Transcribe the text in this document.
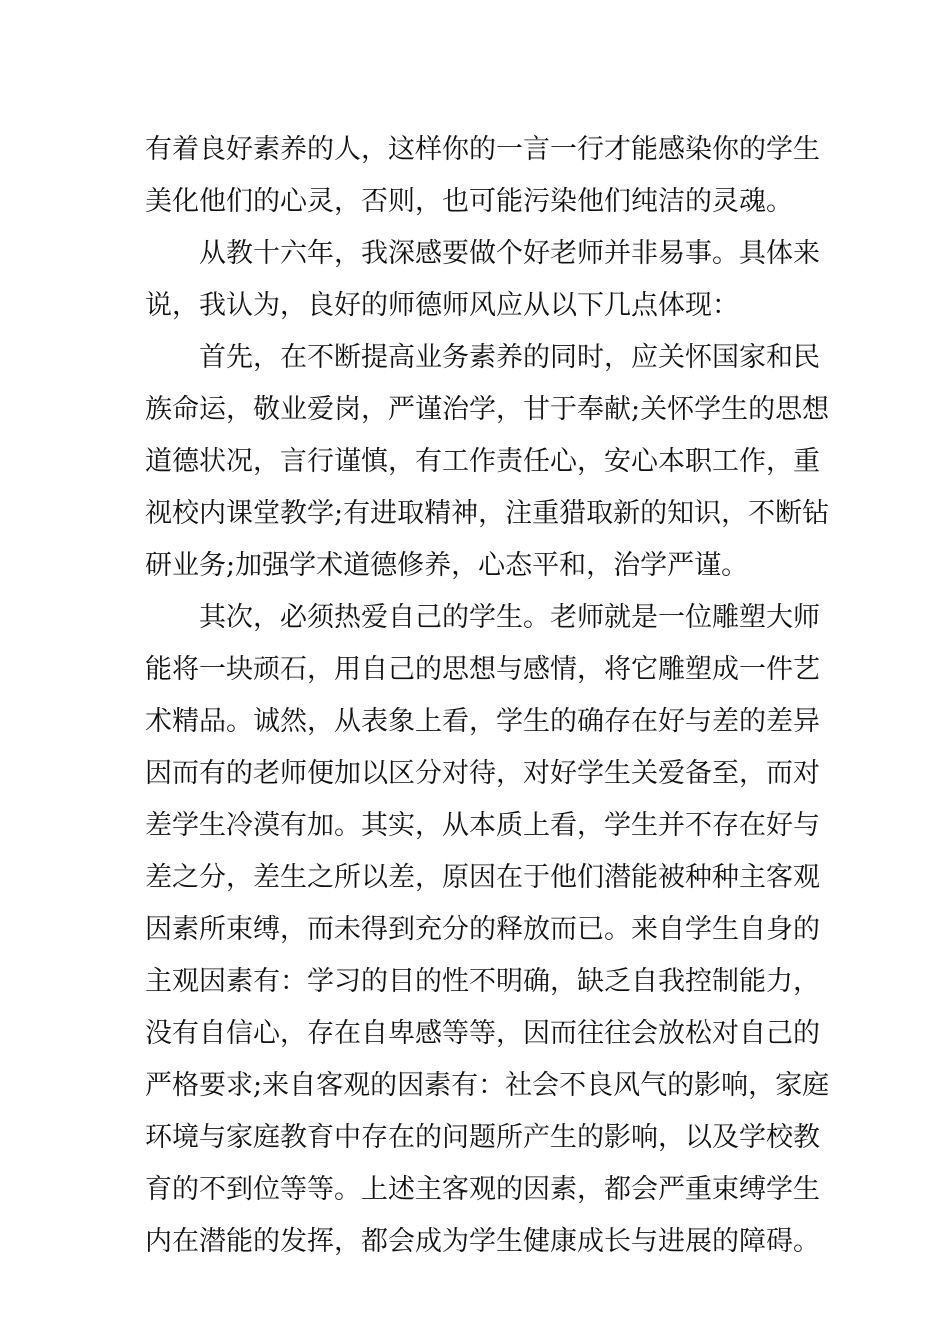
有着良好素养的人，这样你的一言一行才能感染你的学生
美化他们的心灵，否则，也可能污染他们纯洁的灵魂。
从教十六年，我深感要做个好老师并非易事。具体来
说，我认为，良好的师德师风应从以下几点体现：
首先，在不断提高业务素养的同时，应关怀国家和民
族命运，敬业爱岗，严谨治学，甘于奉献;关怀学生的思想
道德状况，言行谨慎，有工作责任心，安心本职工作，重
视校内课堂教学;有进取精神，注重猎取新的知识，不断钻
研业务;加强学术道德修养，心态平和，治学严谨。
其次，必须热爱自己的学生。老师就是一位雕塑大师
能将一块顽石，用自己的思想与感情，将它雕塑成一件艺
术精品。诚然，从表象上看，学生的确存在好与差的差异
因而有的老师便加以区分对待，对好学生关爱备至，而对
差学生冷漠有加。其实，从本质上看，学生并不存在好与
差之分，差生之所以差，原因在于他们潜能被种种主客观
因素所束缚，而未得到充分的释放而已。来自学生自身的
主观因素有：学习的目的性不明确，缺乏自我控制能力，
没有自信心，存在自卑感等等，因而往往会放松对自己的
严格要求;来自客观的因素有：社会不良风气的影响，家庭
环境与家庭教育中存在的问题所产生的影响，以及学校教
育的不到位等等。上述主客观的因素，都会严重束缚学生
内在潜能的发挥，都会成为学生健康成长与进展的障碍。
